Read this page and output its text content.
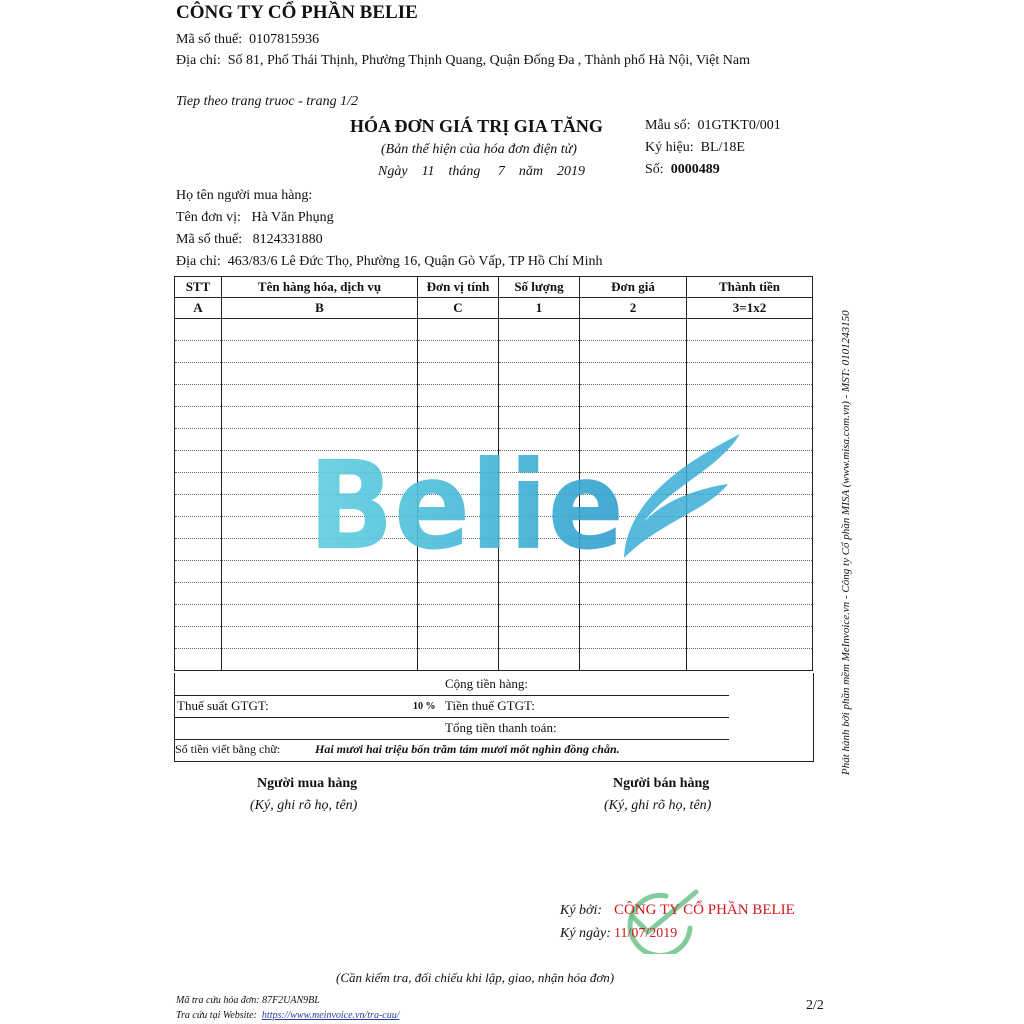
CÔNG TY CỔ PHẦN BELIE
Mã số thuế: 0107815936
Địa chỉ: Số 81, Phố Thái Thịnh, Phường Thịnh Quang, Quận Đống Đa , Thành phố Hà Nội, Việt Nam
Tiep theo trang truoc - trang 1/2
HÓA ĐƠN GIÁ TRỊ GIA TĂNG
(Bản thể hiện của hóa đơn điện tử)
Ngày 11 tháng 7 năm 2019
Mẫu số: 01GTKT0/001
Ký hiệu: BL/18E
Số: 0000489
Họ tên người mua hàng:
Tên đơn vị: Hà Văn Phụng
Mã số thuế: 8124331880
Địa chỉ: 463/83/6 Lê Đức Thọ, Phường 16, Quận Gò Vấp, TP Hồ Chí Minh
STT	Tên hàng hóa, dịch vụ	Đơn vị tính	Số lượng	Đơn giá	Thành tiền
A	B	C	1	2	3=1x2

Belie
Cộng tiền hàng:
Thuế suất GTGT:	10 % Tiền thuế GTGT:
Tổng tiền thanh toán:
Số tiền viết bằng chữ:	Hai mươi hai triệu bốn trăm tám mươi mốt nghìn đồng chẵn.
Người mua hàng
(Ký, ghi rõ họ, tên)
Người bán hàng
(Ký, ghi rõ họ, tên)
Ký bởi: CÔNG TY CỔ PHẦN BELIE
Ký ngày: 11/07/2019
(Cần kiểm tra, đối chiếu khi lập, giao, nhận hóa đơn)
Mã tra cứu hóa đơn: 87F2UAN9BL
Tra cứu tại Website: https://www.meinvoice.vn/tra-cuu/
2/2
Phát hành bởi phần mềm MeInvoice.vn - Công ty Cổ phần MISA (www.misa.com.vn) - MST: 0101243150
